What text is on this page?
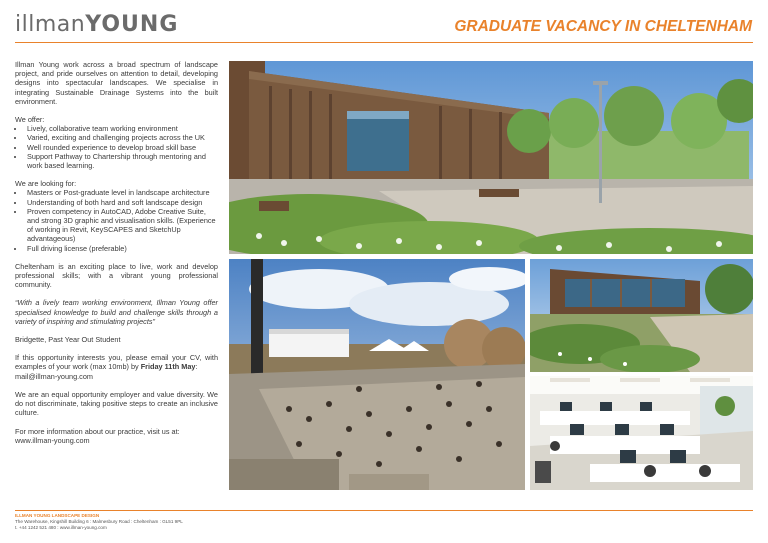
illmanYOUNG	GRADUATE VACANCY IN CHELTENHAM

Illman Young work across a broad spectrum of landscape project, and pride ourselves on attention to detail, developing designs into spectacular landscapes. We specialise in integrating Sustainable Drainage Systems into the built environment.

We offer:
• Lively, collaborative team working environment
• Varied, exciting and challenging projects across the UK
• Well rounded experience to develop broad skill base
• Support Pathway to Chartership through mentoring and work based learning.
We are looking for:
• Masters or Post-graduate level in landscape architecture
• Understanding of both hard and soft landscape design
• Proven competency in AutoCAD, Adobe Creative Suite, and strong 3D graphic and visualisation skills. (Experience of working in Revit, KeySCAPES and SketchUp advantageous)
• Full driving license (preferable)

Cheltenham is an exciting place to live, work and develop professional skills; with a vibrant young professional community.

“With a lively team working environment, Illman Young offer specialised knowledge to build and challenge skills through a variety of inspiring and stimulating projects”

Bridgette, Past Year Out Student

If this opportunity interests you, please email your CV, with examples of your work (max 10mb) by Friday 11th May:
mail@illman-young.com

We are an equal opportunity employer and value diversity. We do not discriminate, taking positive steps to create an inclusive culture.

For more information about our practice, visit us at:
www.illman-young.com

ILLMAN YOUNG LANDSCAPE DESIGN
The Warehouse, Kingshill Building 6 : Malmesbury Road : Cheltenham : GL51 9PL
t. +44 1242 521 480 : www.illman-young.com
